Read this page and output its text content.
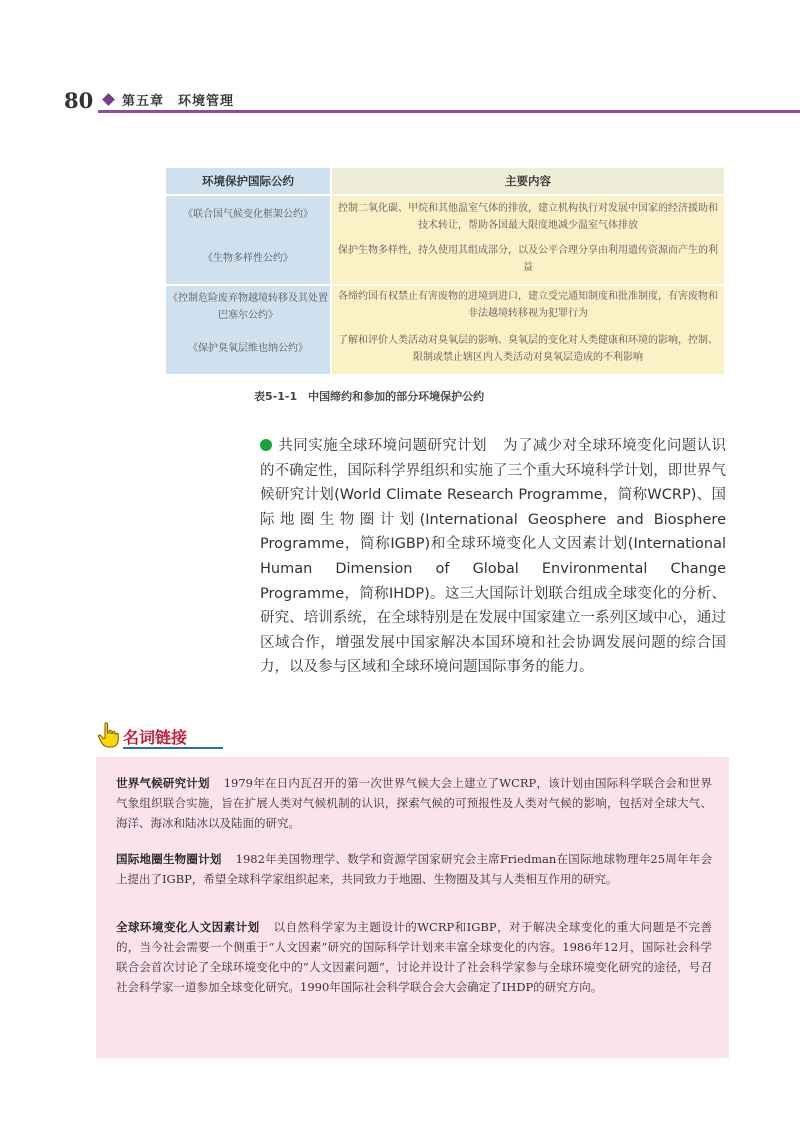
80 第五章　环境管理
环境保护国际公约	主要内容
《联合国气候变化框架公约》
控制二氧化碳、甲烷和其他温室气体的排放，建立机构执行对发展中国家的经济援助和技术转让，帮助各国最大限度地减少温室气体排放
《生物多样性公约》
保护生物多样性，持久使用其组成部分，以及公平合理分享由利用遗传资源而产生的利益
《控制危险废弃物越境转移及其处置巴塞尔公约》
各缔约国有权禁止有害废物的进境到进口，建立受完通知制度和批准制度，有害废物和非法越境转移视为犯罪行为
《保护臭氧层维也纳公约》
了解和评价人类活动对臭氧层的影响、臭氧层的变化对人类健康和环境的影响，控制、限制或禁止辖区内人类活动对臭氧层造成的不利影响
表5-1-1　中国缔约和参加的部分环境保护公约
共同实施全球环境问题研究计划 为了减少对全球环境变化问题认识的不确定性，国际科学界组织和实施了三个重大环境科学计划，即世界气候研究计划(World Climate Research Programme，简称WCRP)、国际地圈生物圈计划(International Geosphere and Biosphere Programme，简称IGBP)和全球环境变化人文因素计划(International Human Dimension of Global Environmental Change Programme，简称IHDP)。这三大国际计划联合组成全球变化的分析、研究、培训系统，在全球特别是在发展中国家建立一系列区域中心，通过区域合作，增强发展中国家解决本国环境和社会协调发展问题的综合国力，以及参与区域和全球环境问题国际事务的能力。
名词链接
世界气候研究计划 1979年在日内瓦召开的第一次世界气候大会上建立了WCRP，该计划由国际科学联合会和世界气象组织联合实施，旨在扩展人类对气候机制的认识，探索气候的可预报性及人类对气候的影响，包括对全球大气、海洋、海冰和陆冰以及陆面的研究。
国际地圈生物圈计划 1982年美国物理学、数学和资源学国家研究会主席Friedman在国际地球物理年25周年年会上提出了IGBP，希望全球科学家组织起来，共同致力于地圈、生物圈及其与人类相互作用的研究。
全球环境变化人文因素计划 以自然科学家为主题设计的WCRP和IGBP，对于解决全球变化的重大问题是不完善的，当今社会需要一个侧重于“人文因素”研究的国际科学计划来丰富全球变化的内容。1986年12月，国际社会科学联合会首次讨论了全球环境变化中的“人文因素问题”，讨论并设计了社会科学家参与全球环境变化研究的途径，号召社会科学家一道参加全球变化研究。1990年国际社会科学联合会大会确定了IHDP的研究方向。
